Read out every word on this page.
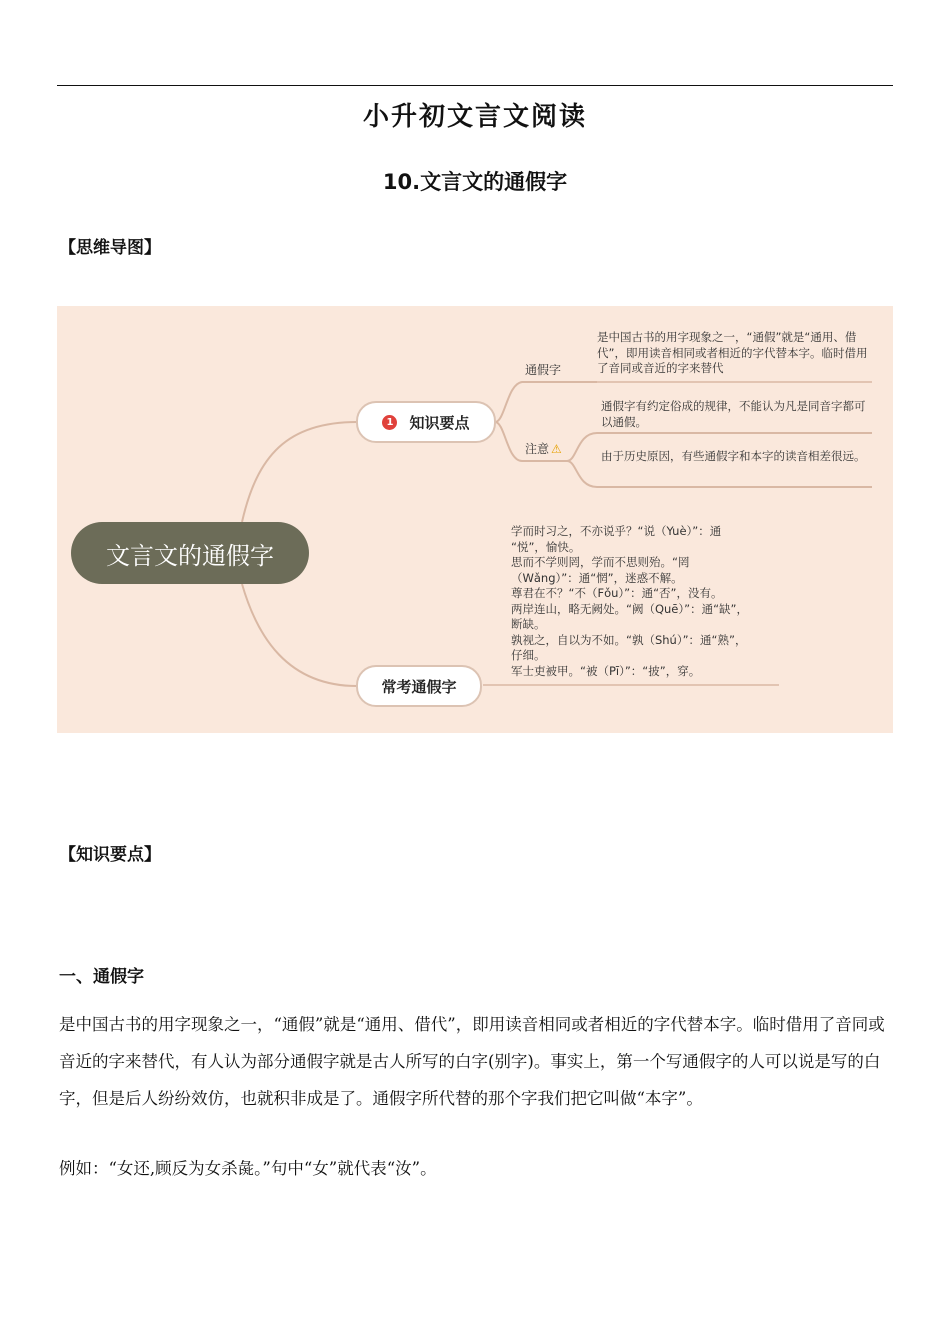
小升初文言文阅读
10.文言文的通假字
【思维导图】
文言文的通假字
1 知识要点
常考通假字
通假字
是中国古书的用字现象之一，“通假”就是“通用、借代”，即用读音相同或者相近的字代替本字。临时借用了音同或音近的字来替代
注意 ⚠
通假字有约定俗成的规律，不能认为凡是同音字都可以通假。
由于历史原因，有些通假字和本字的读音相差很远。
学而时习之，不亦说乎？“说（Yuè）”：通
“悦”，愉快。
思而不学则罔，学而不思则殆。“罔
（Wǎng）”：通“惘”，迷惑不解。
尊君在不？“不（Fǒu）”：通“否”，没有。
两岸连山，略无阙处。“阙（Quē）”：通“缺”，
断缺。
孰视之，自以为不如。“孰（Shú）”：通“熟”，
仔细。
军士吏被甲。“被（Pī）”：“披”，穿。
【知识要点】
一、通假字
是中国古书的用字现象之一，“通假”就是“通用、借代”，即用读音相同或者相近的字代替本字。临时借用了音同或音近的字来替代，有人认为部分通假字就是古人所写的白字(别字)。事实上，第一个写通假字的人可以说是写的白字，但是后人纷纷效仿，也就积非成是了。通假字所代替的那个字我们把它叫做“本字”。
例如：“女还,顾反为女杀彘。”句中“女”就代表“汝”。
